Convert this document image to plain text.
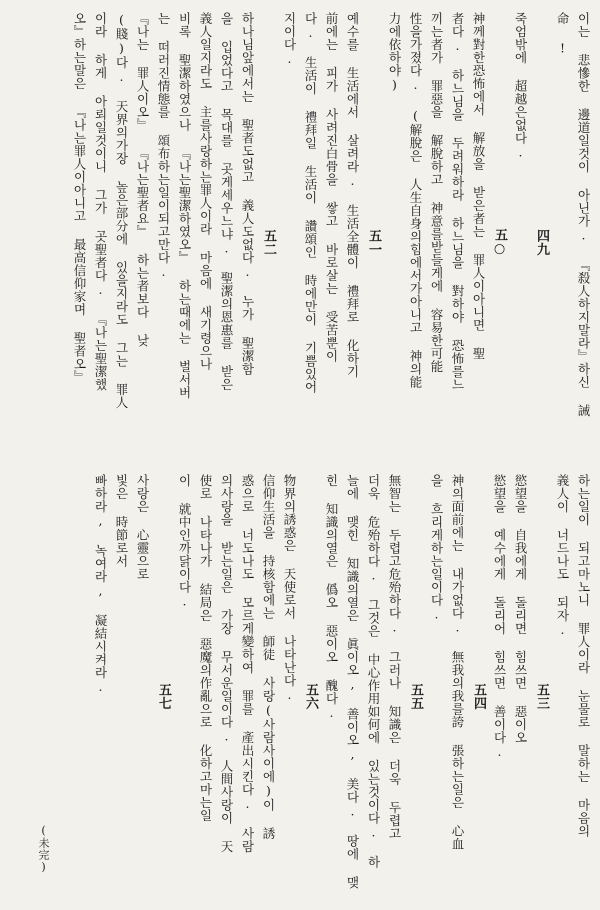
이는 悲慘한 邊道일것이 아닌가. 『殺人하지말라』하신 誡
命 !
四九
죽엄밖에 超越은없다.
五○
神께對한恐怖에서 解放을 받은者는 罪人이아니면 聖
者다. 하느님을 두려워하라 하느님을 對하야 恐怖를느
끼는者가 罪惡을 解脫하고 神意를받들게에 容易한可能
性을가졌다. (解脫은 人生自身의힘에서가아니고 神의能
力에依하야)
五一
예수를 生活에서 살려라. 生活全體이 禮拜로 化하기
前에는 피가 사려진白骨을 쌓고 바로살는 受苦뿐이
다. 生活이 禮拜일 生活이 讚頌인 時에만이 기쁨있어
지이다.
五二
하나님앞에서는 聖者도없고 義人도없다. 누가 聖潔함
을 입었다고 목대를 곳게세우느냐. 聖潔의恩惠를 받은
義人일지라도 主를사랑하는罪人이라 마음에 새기령으나
비록 聖潔하였으나 『나는聖潔하였오』 하는때에는 벌서버
는 떠러진情態를 頌布하는일이되고만다.
『나는 罪人이오』 『나는聖者요』 하는者보다 낮
(賤)다. 天界의가장 높은部分에 있을지라도 그는 罪人
이라 하게 아뢰일것이니 그가 곳聖者다. 『나는聖潔했
오』하는말은 『나는罪人이아니고 最高信仰家며 聖者오』
하는일이 되고마노니 罪人이라 눈물로 말하는 마음의
義人이 너드나도 되자.
五三
慾望을 自我에게 돌리면 힘쓰면 惡이오
慾望을 예수에게 돌리어 힘쓰면 善이다.
五四
神의面前에는 내가없다. 無我의我를誇 張하는일은 心血
을 흐리게하는일이다.
五五
無智는 두렵고危殆하다. 그러나 知識은 더욱 두렵고
더욱 危殆하다. 그것은 中心作用如何에 있는것이다. 하
늘에 맺힌 知識의열은 眞이오, 善이오, 美다. 땅에 맺
힌 知識의열은 僞오 惡이오 醜다.
五六
物界의誘惑은 天使로서 나타난다.
信仰生活을 持核함에는 師徒 사랑(사람사이에)이 誘
惑으로 너도나도 모르게變하여 罪를 產出시킨다. 사람
의사랑을 받는일은 가장 무서운일이다. 人間사랑이 天
使로 나타나가 結局은 惡魔의作亂으로 化하고마는일
이 就中인까닭이다.
五七
사랑은 心靈으로
빛은 時節로서
빠하라, 녹여라, 凝結시켜라.
(未完)
